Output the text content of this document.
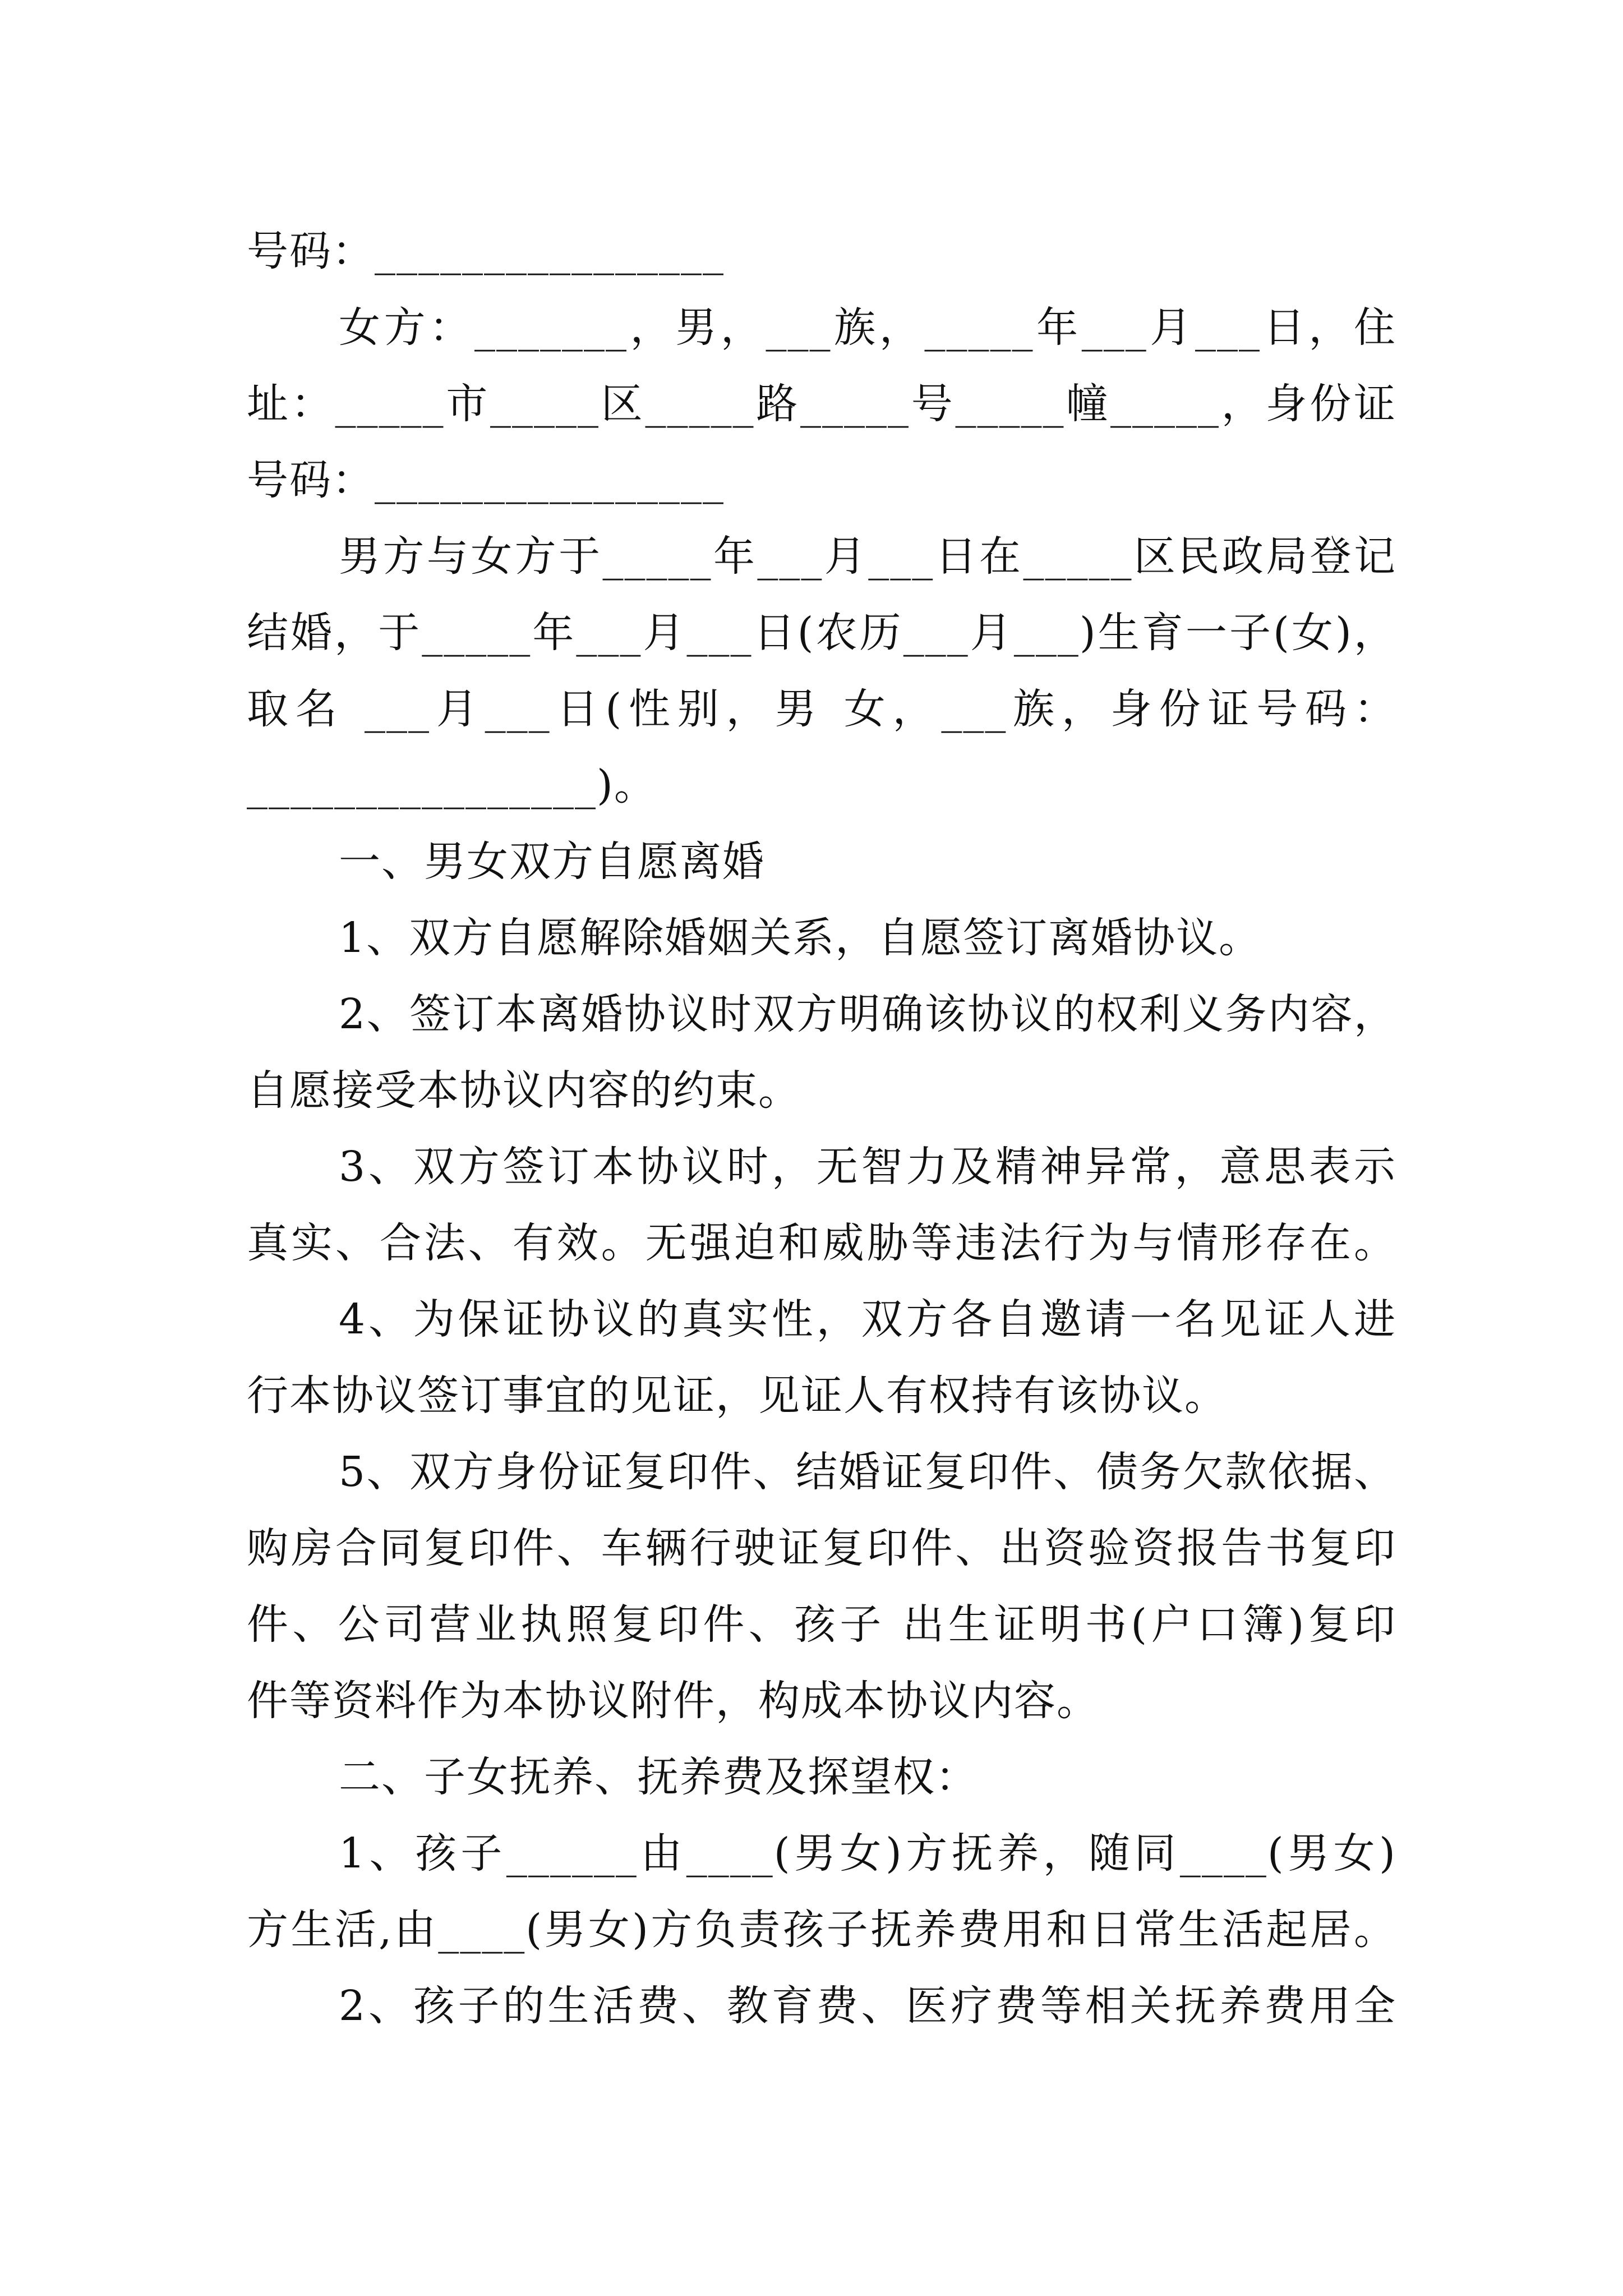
号码：________________
女方：_______，男，___族，_____年___月___日，住
址：_____市_____区_____路_____号_____幢_____，身份证
号码：________________
男方与女方于_____年___月___日在_____区民政局登记
结婚，于_____年___月___日(农历___月___)生育一子(女)，
取名 ___月___日(性别，男 女，___族，身份证号码：
________________)。
一、男女双方自愿离婚
1、双方自愿解除婚姻关系，自愿签订离婚协议。
2、签订本离婚协议时双方明确该协议的权利义务内容，
自愿接受本协议内容的约束。
3、双方签订本协议时，无智力及精神异常，意思表示
真实、合法、有效。无强迫和威胁等违法行为与情形存在。
4、为保证协议的真实性，双方各自邀请一名见证人进
行本协议签订事宜的见证，见证人有权持有该协议。
5、双方身份证复印件、结婚证复印件、债务欠款依据、
购房合同复印件、车辆行驶证复印件、出资验资报告书复印
件、公司营业执照复印件、孩子 出生证明书(户口簿)复印
件等资料作为本协议附件，构成本协议内容。
二、子女抚养、抚养费及探望权：
1、孩子______由____(男女)方抚养，随同____(男女)
方生活,由____(男女)方负责孩子抚养费用和日常生活起居。
2、孩子的生活费、教育费、医疗费等相关抚养费用全
